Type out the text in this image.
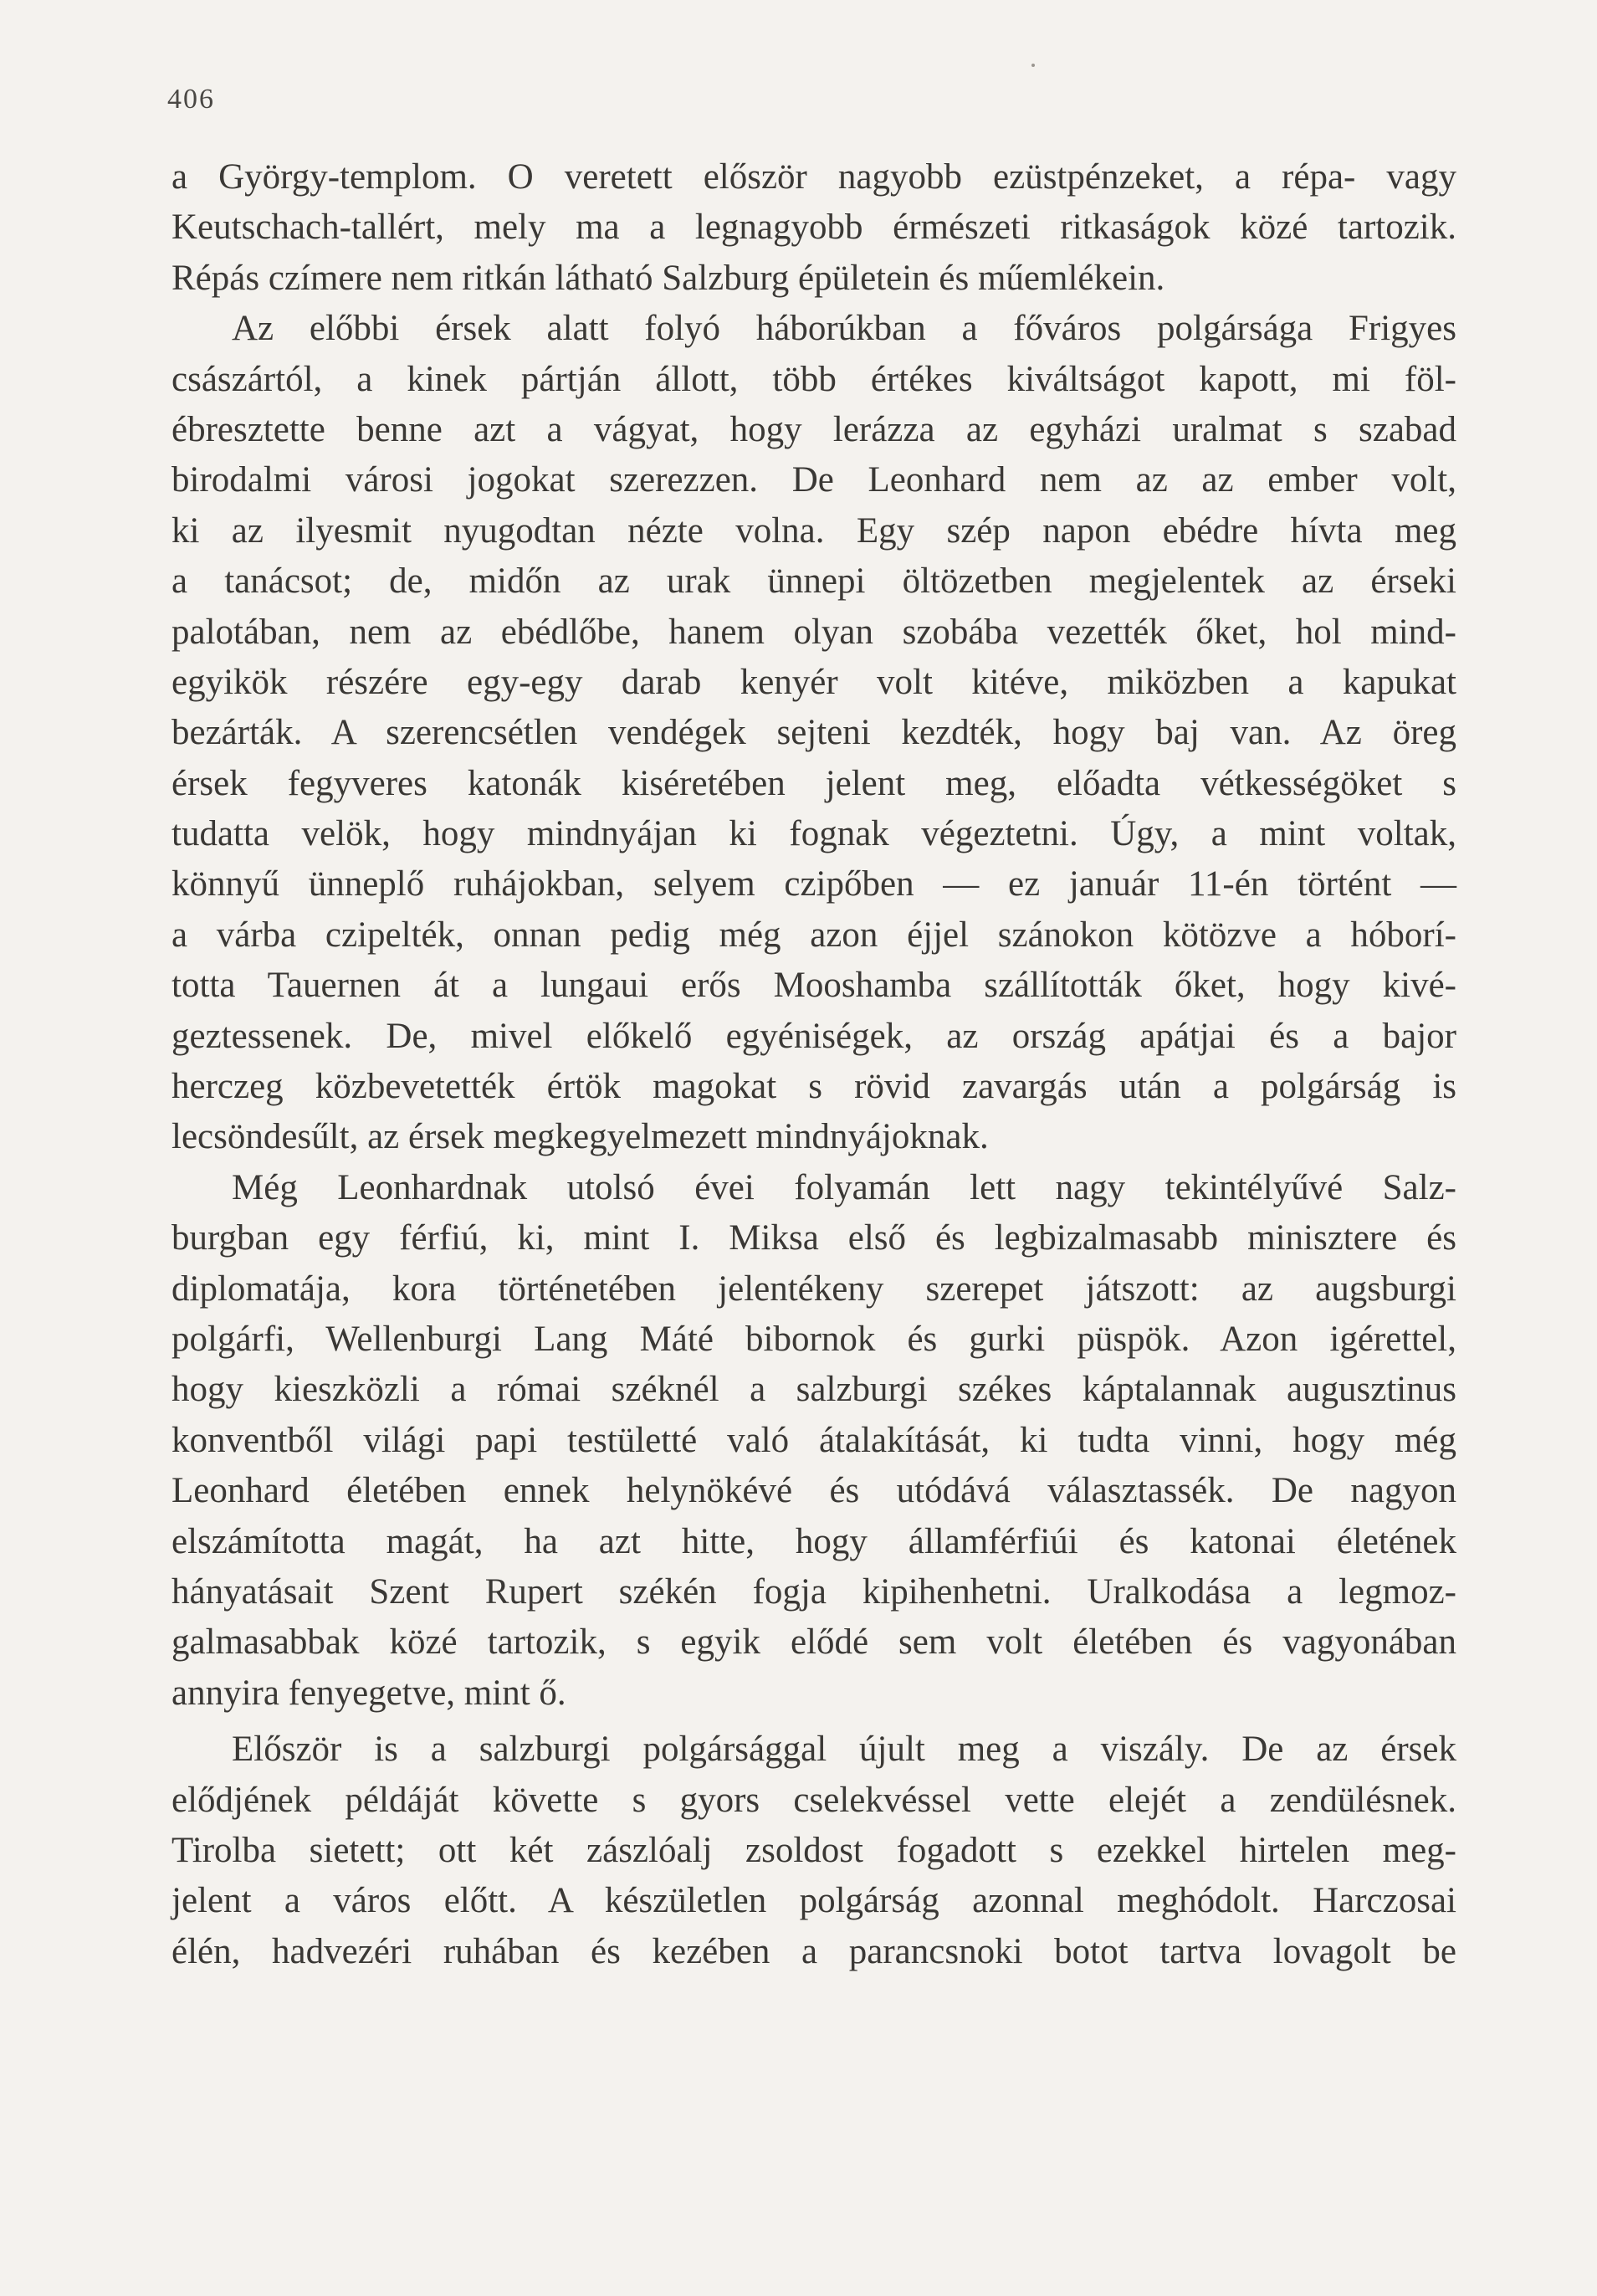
406
a György-templom. O veretett először nagyobb ezüstpénzeket, a répa- vagy
Keutschach-tallért, mely ma a legnagyobb érmészeti ritkaságok közé tartozik.
Répás czímere nem ritkán látható Salzburg épületein és műemlékein.
Az előbbi érsek alatt folyó háborúkban a főváros polgársága Frigyes
császártól, a kinek pártján állott, több értékes kiváltságot kapott, mi föl-
ébresztette benne azt a vágyat, hogy lerázza az egyházi uralmat s szabad
birodalmi városi jogokat szerezzen. De Leonhard nem az az ember volt,
ki az ilyesmit nyugodtan nézte volna. Egy szép napon ebédre hívta meg
a tanácsot; de, midőn az urak ünnepi öltözetben megjelentek az érseki
palotában, nem az ebédlőbe, hanem olyan szobába vezették őket, hol mind-
egyikök részére egy-egy darab kenyér volt kitéve, miközben a kapukat
bezárták. A szerencsétlen vendégek sejteni kezdték, hogy baj van. Az öreg
érsek fegyveres katonák kiséretében jelent meg, előadta vétkességöket s
tudatta velök, hogy mindnyájan ki fognak végeztetni. Úgy, a mint voltak,
könnyű ünneplő ruhájokban, selyem czipőben — ez január 11-én történt —
a várba czipelték, onnan pedig még azon éjjel szánokon kötözve a hóborí-
totta Tauernen át a lungaui erős Mooshamba szállították őket, hogy kivé-
geztessenek. De, mivel előkelő egyéniségek, az ország apátjai és a bajor
herczeg közbevetették értök magokat s rövid zavargás után a polgárság is
lecsöndesűlt, az érsek megkegyelmezett mindnyájoknak.
Még Leonhardnak utolsó évei folyamán lett nagy tekintélyűvé Salz-
burgban egy férfiú, ki, mint I. Miksa első és legbizalmasabb minisztere és
diplomatája, kora történetében jelentékeny szerepet játszott: az augsburgi
polgárfi, Wellenburgi Lang Máté bibornok és gurki püspök. Azon igérettel,
hogy kieszközli a római széknél a salzburgi székes káptalannak augusztinus
konventből világi papi testületté való átalakítását, ki tudta vinni, hogy még
Leonhard életében ennek helynökévé és utódává választassék. De nagyon
elszámította magát, ha azt hitte, hogy államférfiúi és katonai életének
hányatásait Szent Rupert székén fogja kipihenhetni. Uralkodása a legmoz-
galmasabbak közé tartozik, s egyik elődé sem volt életében és vagyonában
annyira fenyegetve, mint ő.
Először is a salzburgi polgársággal újult meg a viszály. De az érsek
elődjének példáját követte s gyors cselekvéssel vette elejét a zendülésnek.
Tirolba sietett; ott két zászlóalj zsoldost fogadott s ezekkel hirtelen meg-
jelent a város előtt. A készületlen polgárság azonnal meghódolt. Harczosai
élén, hadvezéri ruhában és kezében a parancsnoki botot tartva lovagolt be
